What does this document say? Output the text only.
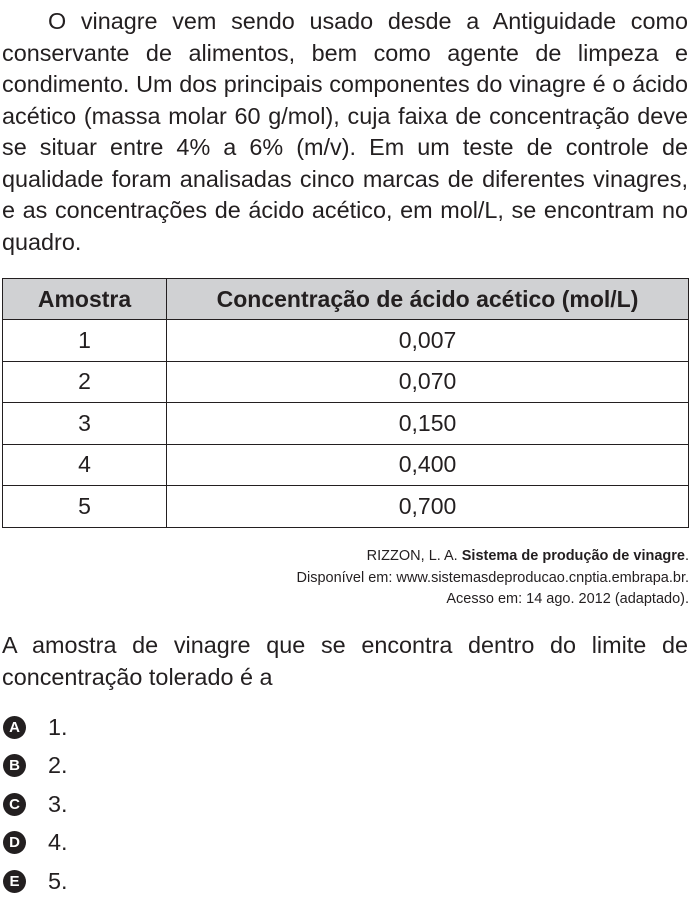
O vinagre vem sendo usado desde a Antiguidade como conservante de alimentos, bem como agente de limpeza e condimento. Um dos principais componentes do vinagre é o ácido acético (massa molar 60 g/mol), cuja faixa de concentração deve se situar entre 4% a 6% (m/v). Em um teste de controle de qualidade foram analisadas cinco marcas de diferentes vinagres, e as concentrações de ácido acético, em mol/L, se encontram no quadro.

Amostra	Concentração de ácido acético (mol/L)
1	0,007
2	0,070
3	0,150
4	0,400
5	0,700
RIZZON, L. A. Sistema de produção de vinagre.
Disponível em: www.sistemasdeproducao.cnptia.embrapa.br.
Acesso em: 14 ago. 2012 (adaptado).

A amostra de vinagre que se encontra dentro do limite de concentração tolerado é a

A 1.
B 2.
C 3.
D 4.
E 5.
